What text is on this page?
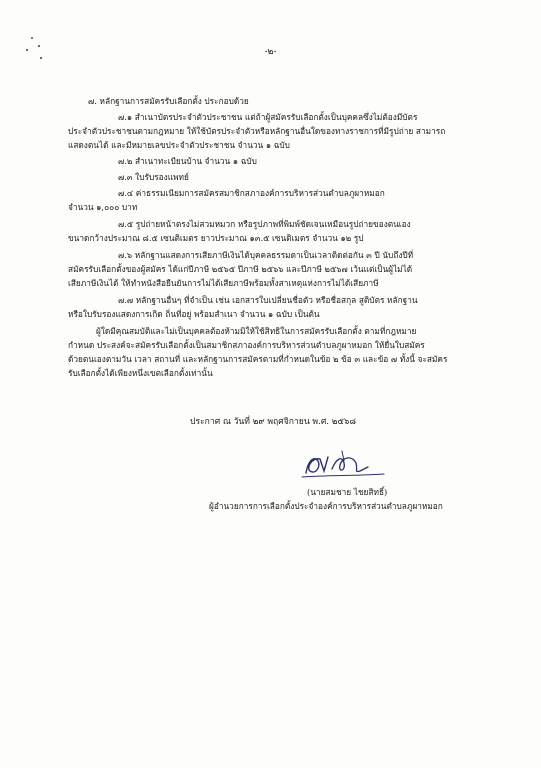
-๒-
๗. หลักฐานการสมัครรับเลือกตั้ง ประกอบด้วย
๗.๑ สำเนาบัตรประจำตัวประชาชน แต่ถ้าผู้สมัครรับเลือกตั้งเป็นบุคคลซึ่งไม่ต้องมีบัตร
ประจำตัวประชาชนตามกฎหมาย ให้ใช้บัตรประจำตัวหรือหลักฐานอื่นใดของทางราชการที่มีรูปถ่าย สามารถ
แสดงตนได้ และมีหมายเลขประจำตัวประชาชน จำนวน ๑ ฉบับ
๗.๒ สำเนาทะเบียนบ้าน จำนวน ๑ ฉบับ
๗.๓ ใบรับรองแพทย์
๗.๔ ค่าธรรมเนียมการสมัครสมาชิกสภาองค์การบริหารส่วนตำบลภูผาหมอก
จำนวน ๑,๐๐๐ บาท
๗.๕ รูปถ่ายหน้าตรงไม่สวมหมวก หรือรูปภาพที่พิมพ์ชัดเจนเหมือนรูปถ่ายของตนเอง
ขนาดกว้างประมาณ ๘.๕ เซนติเมตร ยาวประมาณ ๑๓.๕ เซนติเมตร จำนวน ๑๒ รูป
๗.๖ หลักฐานแสดงการเสียภาษีเงินได้บุคคลธรรมดาเป็นเวลาติดต่อกัน ๓ ปี นับถึงปีที่
สมัครรับเลือกตั้งของผู้สมัคร ได้แก่ปีภาษี ๒๕๖๕ ปีภาษี ๒๕๖๖ และปีภาษี ๒๕๖๗ เว้นแต่เป็นผู้ไม่ได้
เสียภาษีเงินได้ ให้ทำหนังสือยืนยันการไม่ได้เสียภาษีพร้อมทั้งสาเหตุแห่งการไม่ได้เสียภาษี
๗.๗ หลักฐานอื่นๆ ที่จำเป็น เช่น เอกสารใบเปลี่ยนชื่อตัว หรือชื่อสกุล สูติบัตร หลักฐาน
หรือใบรับรองแสดงการเกิด ถิ่นที่อยู่ พร้อมสำเนา จำนวน ๑ ฉบับ เป็นต้น
ผู้ใดมีคุณสมบัติและไม่เป็นบุคคลต้องห้ามมิให้ใช้สิทธิในการสมัครรับเลือกตั้ง ตามที่กฎหมาย
กำหนด ประสงค์จะสมัครรับเลือกตั้งเป็นสมาชิกสภาองค์การบริหารส่วนตำบลภูผาหมอก ให้ยื่นใบสมัคร
ด้วยตนเองตามวัน เวลา สถานที่ และหลักฐานการสมัครตามที่กำหนดในข้อ ๒ ข้อ ๓ และข้อ ๗ ทั้งนี้ จะสมัคร
รับเลือกตั้งได้เพียงหนึ่งเขตเลือกตั้งเท่านั้น
ประกาศ ณ วันที่ ๒๙ พฤศจิกายน พ.ศ. ๒๕๖๘
(นายสมชาย ไชยสิทธิ์)
ผู้อำนวยการการเลือกตั้งประจำองค์การบริหารส่วนตำบลภูผาหมอก
